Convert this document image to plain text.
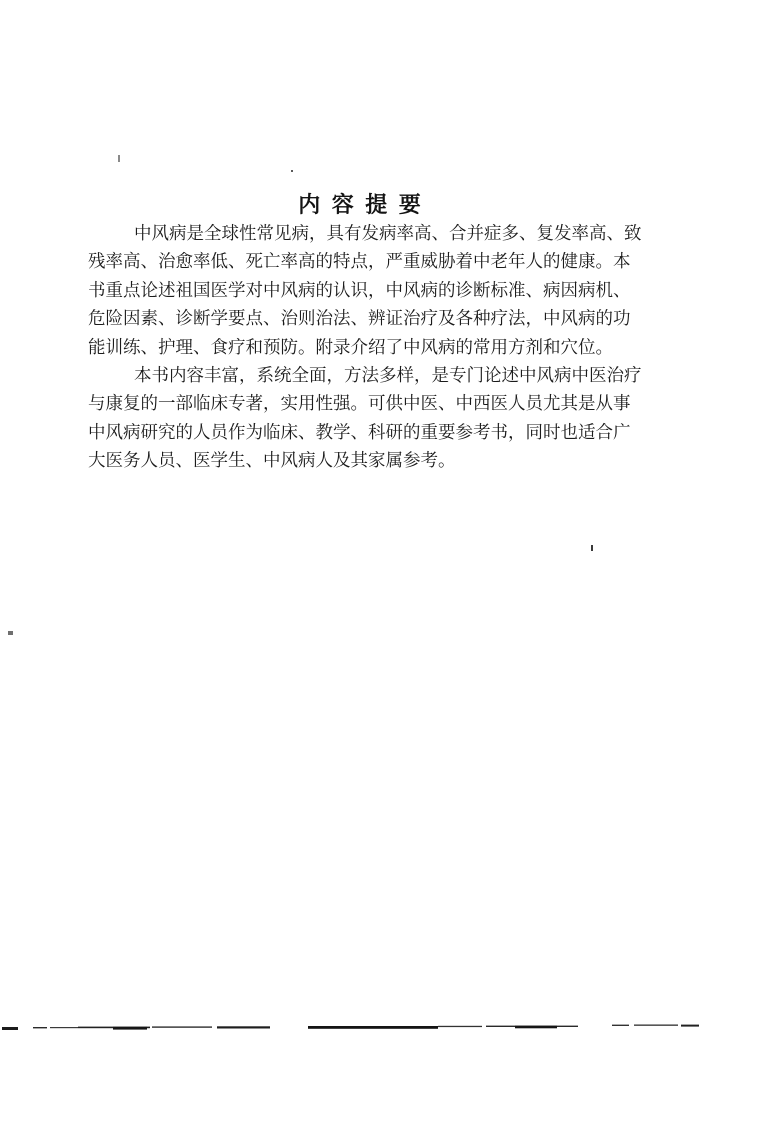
内 容 提 要

中风病是全球性常见病，具有发病率高、合并症多、复发率高、致

残率高、治愈率低、死亡率高的特点，严重威胁着中老年人的健康。本

书重点论述祖国医学对中风病的认识，中风病的诊断标准、病因病机、

危险因素、诊断学要点、治则治法、辨证治疗及各种疗法，中风病的功

能训练、护理、食疗和预防。附录介绍了中风病的常用方剂和穴位。

本书内容丰富，系统全面，方法多样，是专门论述中风病中医治疗

与康复的一部临床专著，实用性强。可供中医、中西医人员尤其是从事

中风病研究的人员作为临床、教学、科研的重要参考书，同时也适合广

大医务人员、医学生、中风病人及其家属参考。
